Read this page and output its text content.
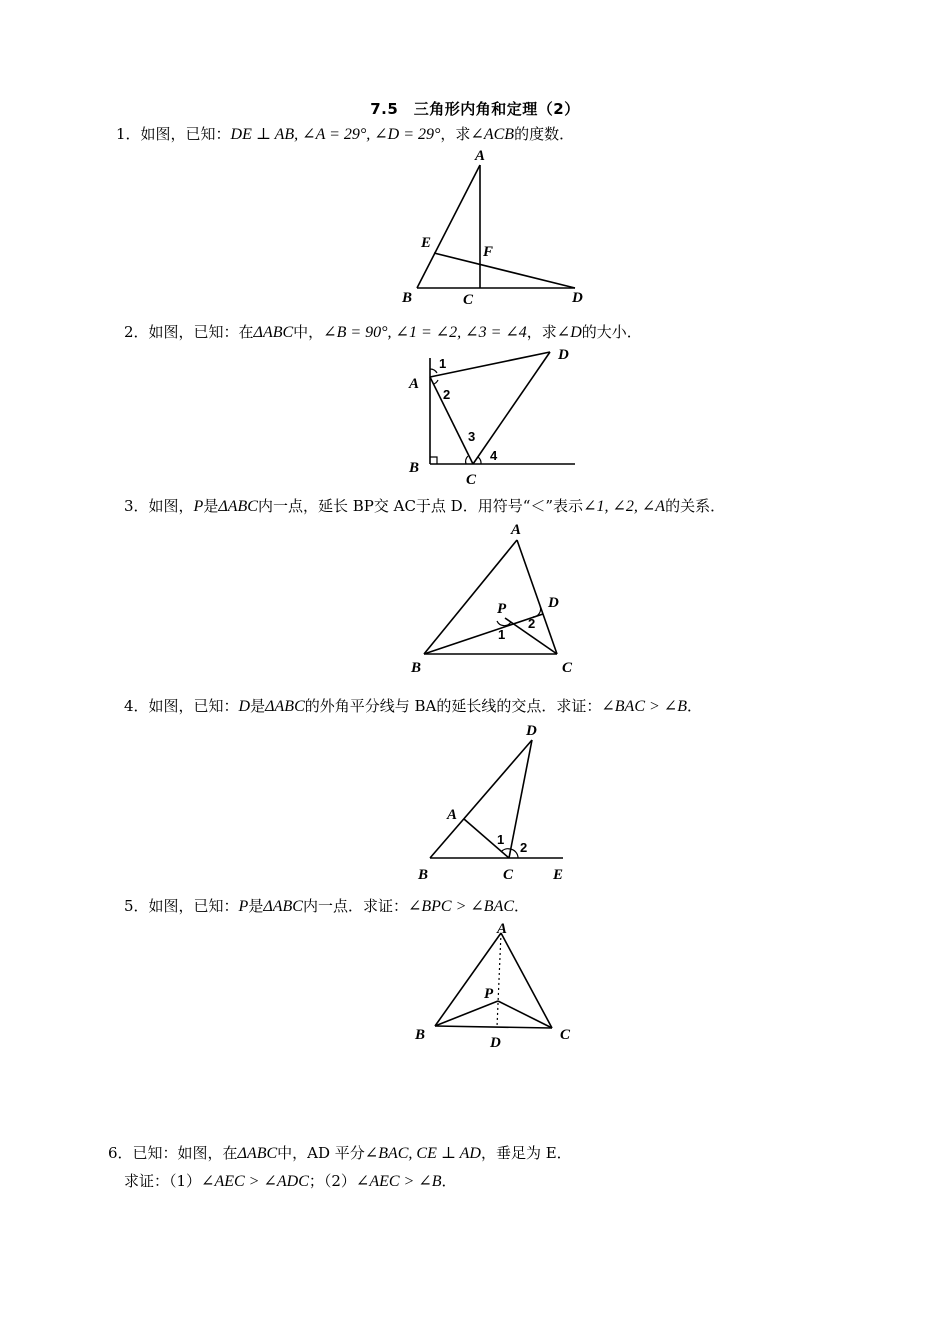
7.5　三角形内角和定理（2）
1．如图，已知：DE ⊥ AB, ∠A = 29°, ∠D = 29°，求∠ACB的度数．
A
B	C	D
E
F
2．如图，已知：在ΔABC中，∠B = 90°, ∠1 = ∠2, ∠3 = ∠4，求∠D的大小．
A
B
C
D
1
2
3
4
3．如图，P是ΔABC内一点，延长 BP交 AC于点 D．用符号“＜”表示∠1, ∠2, ∠A的关系．
A
B	C
D
P
1
2
4．如图，已知：D是ΔABC的外角平分线与 BA的延长线的交点．求证：∠BAC > ∠B．
D
A
B	C	E
1
2
5．如图，已知：P是ΔABC内一点．求证：∠BPC > ∠BAC．
A
P
B	D	C
6．已知：如图，在ΔABC中，AD 平分∠BAC, CE ⊥ AD，垂足为 E．
求证：（1）∠AEC > ∠ADC；（2）∠AEC > ∠B．
